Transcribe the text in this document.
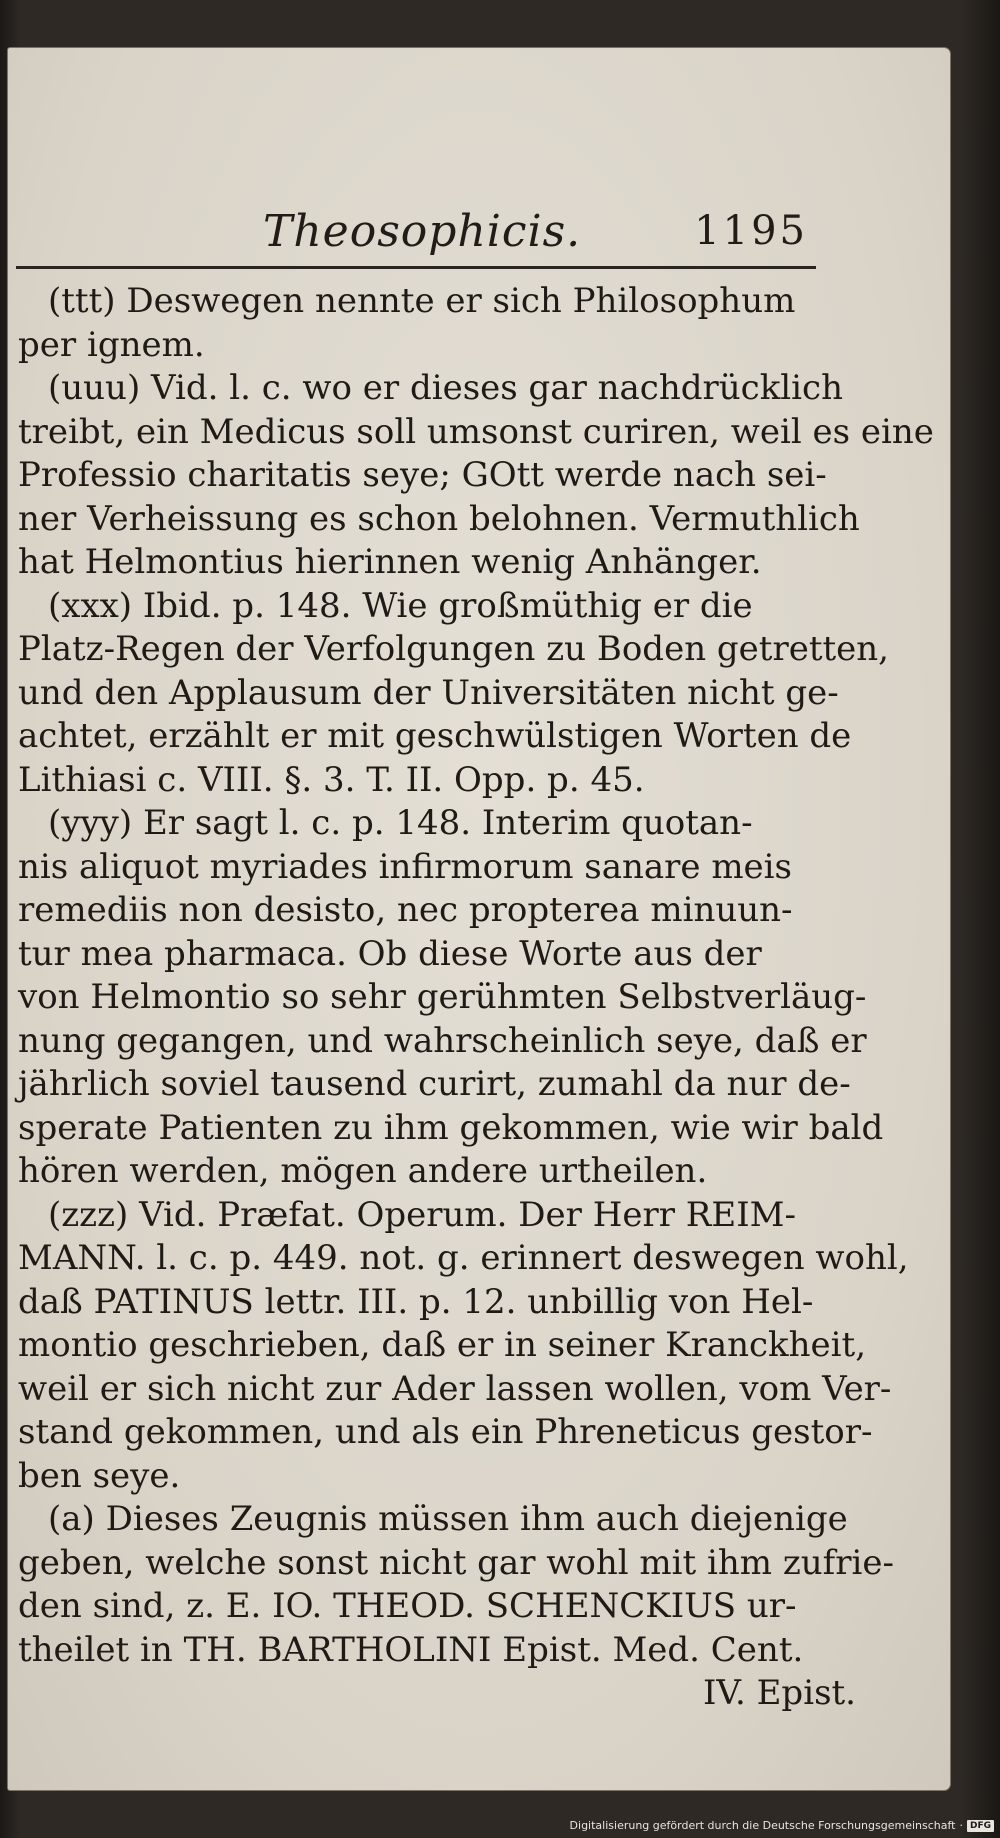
Theosophicis.	1195
(ttt) Deswegen nennte er sich Philosophum
per ignem.
(uuu) Vid. l. c. wo er dieses gar nachdrücklich
treibt, ein Medicus soll umsonst curiren, weil es eine
Professio charitatis seye; GOtt werde nach sei-
ner Verheissung es schon belohnen. Vermuthlich
hat Helmontius hierinnen wenig Anhänger.
(xxx) Ibid. p. 148. Wie großmüthig er die
Platz-Regen der Verfolgungen zu Boden getretten,
und den Applausum der Universitäten nicht ge-
achtet, erzählt er mit geschwülstigen Worten de
Lithiasi c. VIII. §. 3. T. II. Opp. p. 45.
(yyy) Er sagt l. c. p. 148. Interim quotan-
nis aliquot myriades infirmorum sanare meis
remediis non desisto, nec propterea minuun-
tur mea pharmaca. Ob diese Worte aus der
von Helmontio so sehr gerühmten Selbstverläug-
nung gegangen, und wahrscheinlich seye, daß er
jährlich soviel tausend curirt, zumahl da nur de-
sperate Patienten zu ihm gekommen, wie wir bald
hören werden, mögen andere urtheilen.
(zzz) Vid. Præfat. Operum. Der Herr REIM-
MANN. l. c. p. 449. not. g. erinnert deswegen wohl,
daß PATINUS lettr. III. p. 12. unbillig von Hel-
montio geschrieben, daß er in seiner Kranckheit,
weil er sich nicht zur Ader lassen wollen, vom Ver-
stand gekommen, und als ein Phreneticus gestor-
ben seye.
(a) Dieses Zeugnis müssen ihm auch diejenige
geben, welche sonst nicht gar wohl mit ihm zufrie-
den sind, z. E. IO. THEOD. SCHENCKIUS ur-
theilet in TH. BARTHOLINI Epist. Med. Cent.
IV. Epist.
Digitalisierung gefördert durch die Deutsche Forschungsgemeinschaft · DFG
